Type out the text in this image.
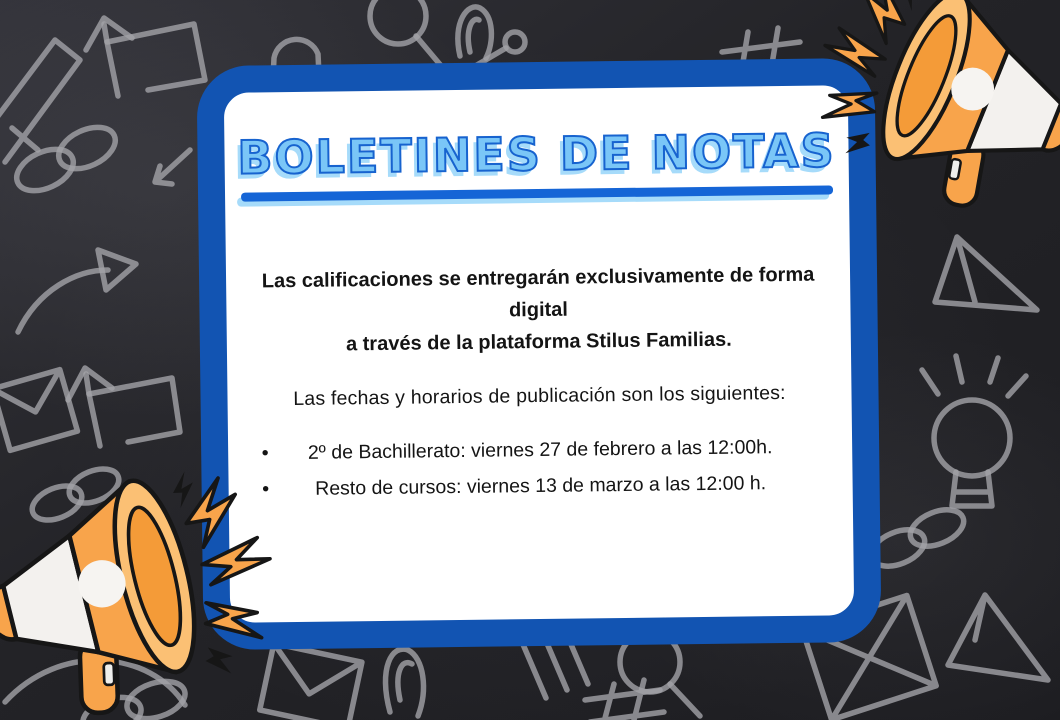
BOLETINES DE NOTAS

Las calificaciones se entregarán exclusivamente de forma digital
a través de la plataforma Stilus Familias.

Las fechas y horarios de publicación son los siguientes:

•	2º de Bachillerato: viernes 27 de febrero a las 12:00h.
•	Resto de cursos: viernes 13 de marzo a las 12:00 h.
